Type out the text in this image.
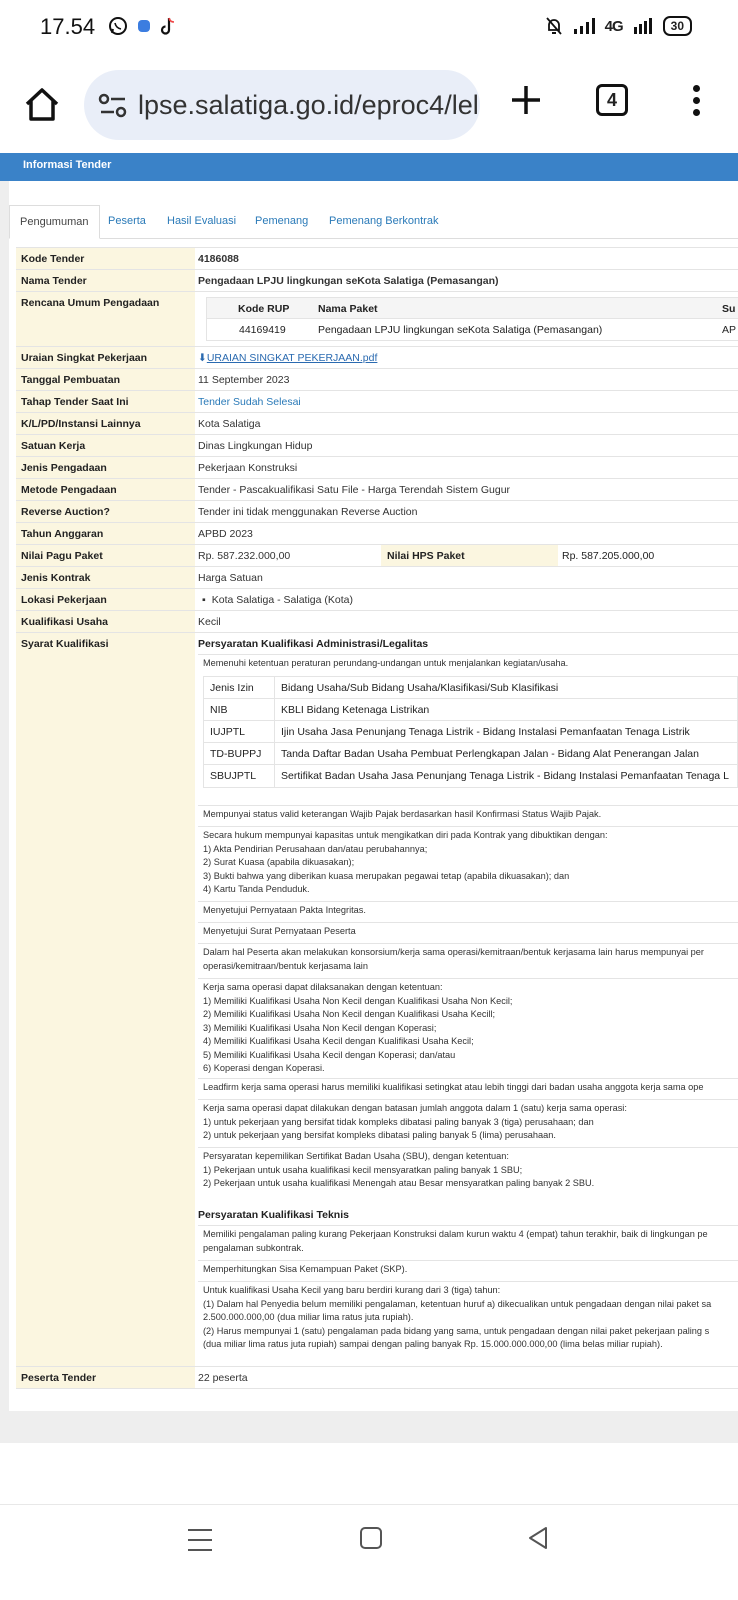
17.54	4G	30
lpse.salatiga.go.id/eproc4/lel	4
Informasi Tender
Pengumuman	Peserta Hasil Evaluasi Pemenang Pemenang Berkontrak
Kode Tender	4186088
Nama Tender	Pengadaan LPJU lingkungan seKota Salatiga (Pemasangan)
Rencana Umum Pengadaan	Kode RUP	Nama Paket	Su
44169419	Pengadaan LPJU lingkungan seKota Salatiga (Pemasangan)	AP
Uraian Singkat Pekerjaan	⬇URAIAN SINGKAT PEKERJAAN.pdf
Tanggal Pembuatan	11 September 2023
Tahap Tender Saat Ini	Tender Sudah Selesai
K/L/PD/Instansi Lainnya	Kota Salatiga
Satuan Kerja	Dinas Lingkungan Hidup
Jenis Pengadaan	Pekerjaan Konstruksi
Metode Pengadaan	Tender - Pascakualifikasi Satu File - Harga Terendah Sistem Gugur
Reverse Auction?	Tender ini tidak menggunakan Reverse Auction
Tahun Anggaran	APBD 2023
Nilai Pagu Paket	Rp. 587.232.000,00	Nilai HPS Paket	Rp. 587.205.000,00
Jenis Kontrak	Harga Satuan
Lokasi Pekerjaan	▪ Kota Salatiga - Salatiga (Kota)
Kualifikasi Usaha	Kecil
Syarat Kualifikasi	Persyaratan Kualifikasi Administrasi/Legalitas
Memenuhi ketentuan peraturan perundang-undangan untuk menjalankan kegiatan/usaha.
Jenis Izin	Bidang Usaha/Sub Bidang Usaha/Klasifikasi/Sub Klasifikasi
NIB	KBLI Bidang Ketenaga Listrikan
IUJPTL	Ijin Usaha Jasa Penunjang Tenaga Listrik - Bidang Instalasi Pemanfaatan Tenaga Listrik
TD-BUPPJ Tanda Daftar Badan Usaha Pembuat Perlengkapan Jalan - Bidang Alat Penerangan Jalan
SBUJPTL Sertifikat Badan Usaha Jasa Penunjang Tenaga Listrik - Bidang Instalasi Pemanfaatan Tenaga L
Mempunyai status valid keterangan Wajib Pajak berdasarkan hasil Konfirmasi Status Wajib Pajak.
Secara hukum mempunyai kapasitas untuk mengikatkan diri pada Kontrak yang dibuktikan dengan:
1) Akta Pendirian Perusahaan dan/atau perubahannya;
2) Surat Kuasa (apabila dikuasakan);
3) Bukti bahwa yang diberikan kuasa merupakan pegawai tetap (apabila dikuasakan); dan
4) Kartu Tanda Penduduk.
Menyetujui Pernyataan Pakta Integritas.
Menyetujui Surat Pernyataan Peserta
Dalam hal Peserta akan melakukan konsorsium/kerja sama operasi/kemitraan/bentuk kerjasama lain harus mempunyai per
operasi/kemitraan/bentuk kerjasama lain
Kerja sama operasi dapat dilaksanakan dengan ketentuan:
1) Memiliki Kualifikasi Usaha Non Kecil dengan Kualifikasi Usaha Non Kecil;
2) Memiliki Kualifikasi Usaha Non Kecil dengan Kualifikasi Usaha Kecill;
3) Memiliki Kualifikasi Usaha Non Kecil dengan Koperasi;
4) Memiliki Kualifikasi Usaha Kecil dengan Kualifikasi Usaha Kecil;
5) Memiliki Kualifikasi Usaha Kecil dengan Koperasi; dan/atau
6) Koperasi dengan Koperasi.
Leadfirm kerja sama operasi harus memiliki kualifikasi setingkat atau lebih tinggi dari badan usaha anggota kerja sama ope
Kerja sama operasi dapat dilakukan dengan batasan jumlah anggota dalam 1 (satu) kerja sama operasi:
1) untuk pekerjaan yang bersifat tidak kompleks dibatasi paling banyak 3 (tiga) perusahaan; dan
2) untuk pekerjaan yang bersifat kompleks dibatasi paling banyak 5 (lima) perusahaan.
Persyaratan kepemilikan Sertifikat Badan Usaha (SBU), dengan ketentuan:
1) Pekerjaan untuk usaha kualifikasi kecil mensyaratkan paling banyak 1 SBU;
2) Pekerjaan untuk usaha kualifikasi Menengah atau Besar mensyaratkan paling banyak 2 SBU.
Persyaratan Kualifikasi Teknis
Memiliki pengalaman paling kurang Pekerjaan Konstruksi dalam kurun waktu 4 (empat) tahun terakhir, baik di lingkungan pe
pengalaman subkontrak.
Memperhitungkan Sisa Kemampuan Paket (SKP).
Untuk kualifikasi Usaha Kecil yang baru berdiri kurang dari 3 (tiga) tahun:
(1) Dalam hal Penyedia belum memiliki pengalaman, ketentuan huruf a) dikecualikan untuk pengadaan dengan nilai paket sa
2.500.000.000,00 (dua miliar lima ratus juta rupiah).
(2) Harus mempunyai 1 (satu) pengalaman pada bidang yang sama, untuk pengadaan dengan nilai paket pekerjaan paling s
(dua miliar lima ratus juta rupiah) sampai dengan paling banyak Rp. 15.000.000.000,00 (lima belas miliar rupiah).
Peserta Tender	22 peserta
